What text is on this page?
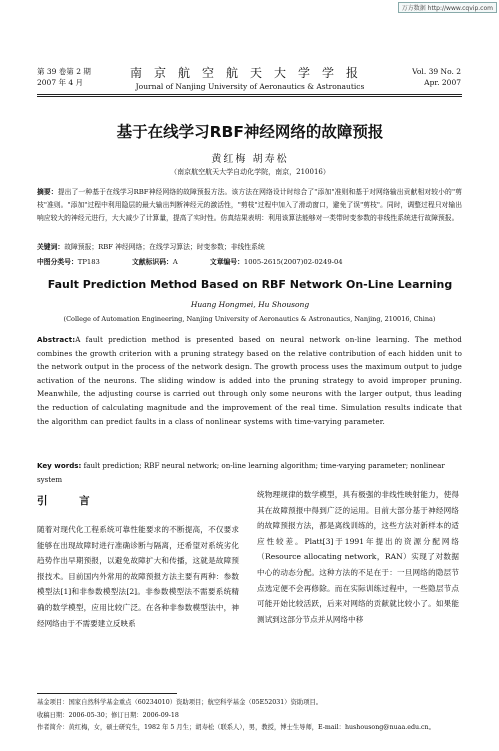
万方数据 http://www.cqvip.com
第 39 卷第 2 期
2007 年 4 月
南京航空航天大学学报
Journal of Nanjing University of Aeronautics & Astronautics
Vol. 39 No. 2
Apr. 2007
基于在线学习RBF神经网络的故障预报
黄红梅 胡寿松
（南京航空航天大学自动化学院，南京，210016）
摘要：提出了一种基于在线学习RBF神经网络的故障预报方法。该方法在网络设计时综合了"添加"准则和基于对网络输出贡献相对较小的"剪枝"准则。"添加"过程中利用隐层的最大输出判断神经元的激活性，"剪枝"过程中加入了滑动窗口，避免了误"剪枝"。同时，调整过程只对输出响应较大的神经元进行，大大减少了计算量，提高了实时性。仿真结果表明：利用该算法能够对一类带时变参数的非线性系统进行故障预报。
关键词：故障预报；RBF 神经网络；在线学习算法；时变参数；非线性系统
中图分类号：TP183	文献标识码：A	文章编号：1005-2615(2007)02-0249-04
Fault Prediction Method Based on RBF Network On-Line Learning
Huang Hongmei, Hu Shousong
(College of Automation Engineering, Nanjing University of Aeronautics & Astronautics, Nanjing, 210016, China)
Abstract:A fault prediction method is presented based on neural network on-line learning. The method combines the growth criterion with a pruning strategy based on the relative contribution of each hidden unit to the network output in the process of the network design. The growth process uses the maximum output to judge activation of the neurons. The sliding window is added into the pruning strategy to avoid improper pruning. Meanwhile, the adjusting course is carried out through only some neurons with the larger output, thus leading the reduction of calculating magnitude and the improvement of the real time. Simulation results indicate that the algorithm can predict faults in a class of nonlinear systems with time-varying parameter.
Key words: fault prediction; RBF neural network; on-line learning algorithm; time-varying parameter; nonlinear system
引 言
随着对现代化工程系统可靠性能要求的不断提高，不仅要求能够在出现故障时进行准确诊断与隔离，还希望对系统劣化趋势作出早期预报，以避免故障扩大和传播，这就是故障预报技术。目前国内外常用的故障预报方法主要有两种：参数模型法[1]和非参数模型法[2]。非参数模型法不需要系统精确的数学模型，应用比较广泛。在各种非参数模型法中，神经网络由于不需要建立反映系
统物理规律的数学模型，具有极强的非线性映射能力，使得其在故障预报中得到广泛的运用。目前大部分基于神经网络的故障预报方法，都是离线训练的，这些方法对新样本的适应性较差。Platt[3]于1991年提出的资源分配网络（Resource allocating network，RAN）实现了对数据中心的动态分配。这种方法的不足在于：一旦网络的隐层节点选定便不会再修除。而在实际训练过程中，一些隐层节点可能开始比较活跃，后来对网络的贡献就比较小了。如果能测试到这部分节点并从网络中移
基金项目：国家自然科学基金重点（60234010）资助项目；航空科学基金（05E52031）资助项目。
收稿日期：2006-05-30；修订日期：2006-09-18
作者简介：黄红梅，女，硕士研究生，1982 年 5 月生；胡寿松（联系人），男，教授，博士生导师，E-mail：hushousong@nuaa.edu.cn。
